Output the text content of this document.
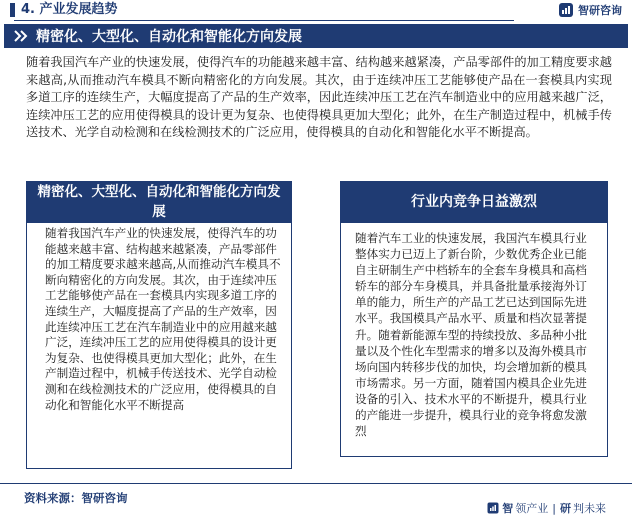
4. 产业发展趋势	智研咨询
精密化、大型化、自动化和智能化方向发展

随着我国汽车产业的快速发展，使得汽车的功能越来越丰富、结构越来越紧凑，产品零部件的加工精度要求越来越高,从而推动汽车模具不断向精密化的方向发展。其次，由于连续冲压工艺能够使产品在一套模具内实现多道工序的连续生产，大幅度提高了产品的生产效率，因此连续冲压工艺在汽车制造业中的应用越来越广泛，连续冲压工艺的应用使得模具的设计更为复杂、也使得模具更加大型化；此外，在生产制造过程中，机械手传送技术、光学自动检测和在线检测技术的广泛应用，使得模具的自动化和智能化水平不断提高。

精密化、大型化、自动化和智能化方向发展

随着我国汽车产业的快速发展，使得汽车的功能越来越丰富、结构越来越紧凑，产品零部件的加工精度要求越来越高,从而推动汽车模具不断向精密化的方向发展。其次，由于连续冲压工艺能够使产品在一套模具内实现多道工序的连续生产，大幅度提高了产品的生产效率，因此连续冲压工艺在汽车制造业中的应用越来越广泛，连续冲压工艺的应用使得模具的设计更为复杂、也使得模具更加大型化；此外，在生产制造过程中，机械手传送技术、光学自动检测和在线检测技术的广泛应用，使得模具的自动化和智能化水平不断提高

行业内竞争日益激烈

随着汽车工业的快速发展，我国汽车模具行业整体实力已迈上了新台阶，少数优秀企业已能自主研制生产中档轿车的全套车身模具和高档轿车的部分车身模具，并具备批量承接海外订单的能力，所生产的产品工艺已达到国际先进水平。我国模具产品水平、质量和档次显著提升。随着新能源车型的持续投放、多品种小批量以及个性化车型需求的增多以及海外模具市场向国内转移步伐的加快，均会增加新的模具市场需求。另一方面，随着国内模具企业先进设备的引入、技术水平的不断提升，模具行业的产能进一步提升，模具行业的竞争将愈发激烈

资料来源：智研咨询
智 领产业 | 研 判未来
